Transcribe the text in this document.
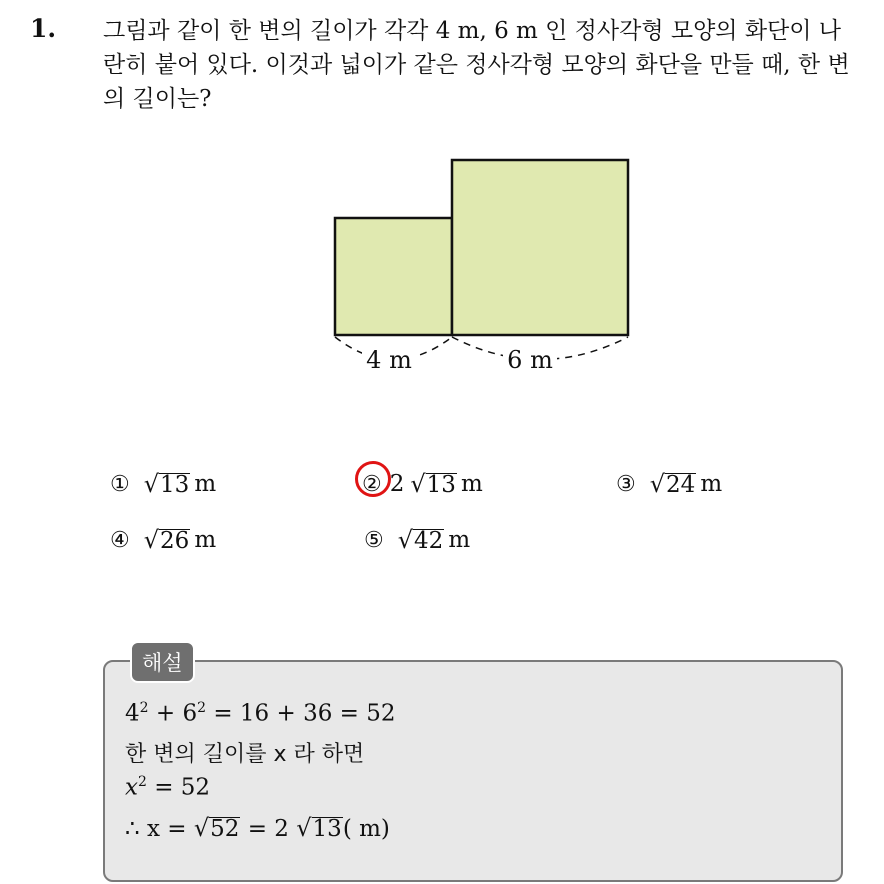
1. 그림과 같이 한 변의 길이가 각각 4 m, 6 m 인 정사각형 모양의 화단이 나란히 붙어 있다. 이것과 넓이가 같은 정사각형 모양의 화단을 만들 때, 한 변의 길이는?
4 m	6 m
① √ 13 m	② 2 √ 13 m	③ √ 24 m
④ √ 26 m	⑤ √ 42 m
해설
$4^2 + 6^2 = 16 + 36 = 52$
한 변의 길이를 x 라 하면
$x^2 = 52$
∴ x = √52 = 2 √13( m)
